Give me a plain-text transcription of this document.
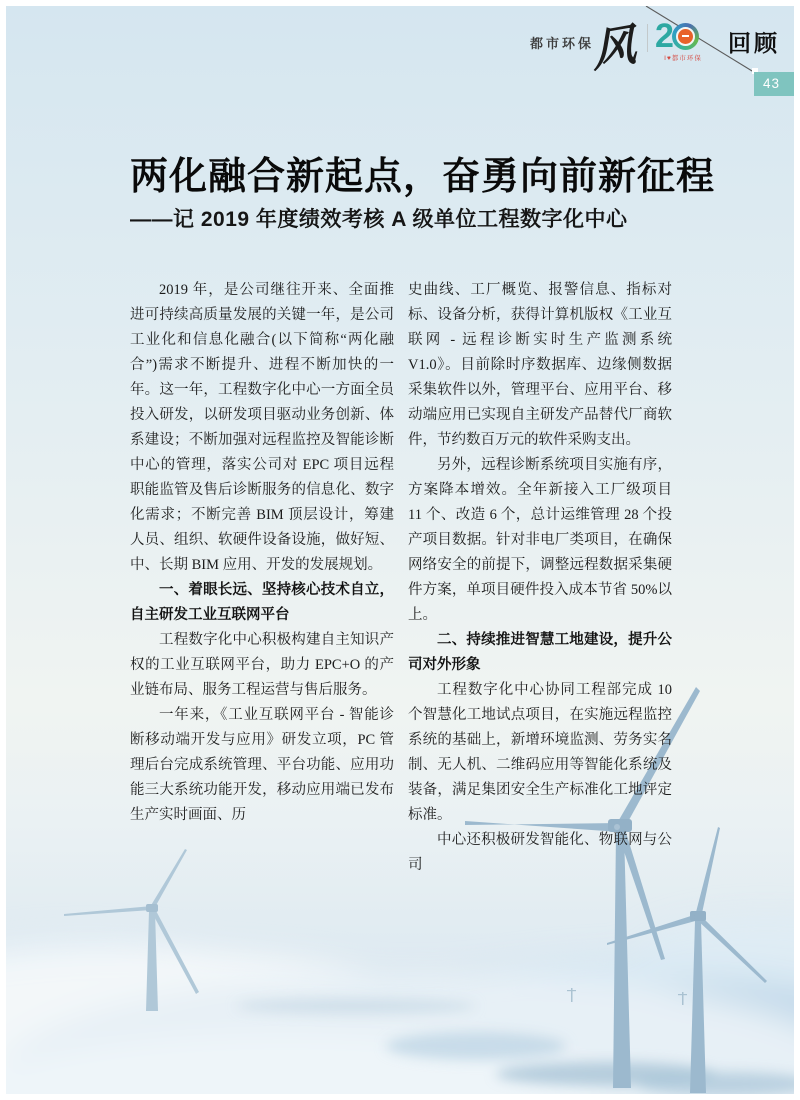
都市环保
风 2
I♥都市环保
回顾
43
两化融合新起点，奋勇向前新征程
——记 2019 年度绩效考核 A 级单位工程数字化中心

2019 年，是公司继往开来、全面推进可持续高质量发展的关键一年，是公司工业化和信息化融合(以下简称“两化融合”)需求不断提升、进程不断加快的一年。这一年，工程数字化中心一方面全员投入研发，以研发项目驱动业务创新、体系建设；不断加强对远程监控及智能诊断中心的管理，落实公司对 EPC 项目远程职能监管及售后诊断服务的信息化、数字化需求；不断完善 BIM 顶层设计，筹建人员、组织、软硬件设备设施，做好短、中、长期 BIM 应用、开发的发展规划。

一、着眼长远、坚持核心技术自立，自主研发工业互联网平台

工程数字化中心积极构建自主知识产权的工业互联网平台，助力 EPC+O 的产业链布局、服务工程运营与售后服务。

一年来，《工业互联网平台 - 智能诊断移动端开发与应用》研发立项，PC 管理后台完成系统管理、平台功能、应用功能三大系统功能开发，移动应用端已发布生产实时画面、历

史曲线、工厂概览、报警信息、指标对标、设备分析，获得计算机版权《工业互联网 - 远程诊断实时生产监测系统 V1.0》。目前除时序数据库、边缘侧数据采集软件以外，管理平台、应用平台、移动端应用已实现自主研发产品替代厂商软件，节约数百万元的软件采购支出。

另外，远程诊断系统项目实施有序，方案降本增效。全年新接入工厂级项目 11 个、改造 6 个，总计运维管理 28 个投产项目数据。针对非电厂类项目，在确保网络安全的前提下，调整远程数据采集硬件方案，单项目硬件投入成本节省 50%以上。

二、持续推进智慧工地建设，提升公司对外形象

工程数字化中心协同工程部完成 10 个智慧化工地试点项目，在实施远程监控系统的基础上，新增环境监测、劳务实名制、无人机、二维码应用等智能化系统及装备，满足集团安全生产标准化工地评定标准。

中心还积极研发智能化、物联网与公司
